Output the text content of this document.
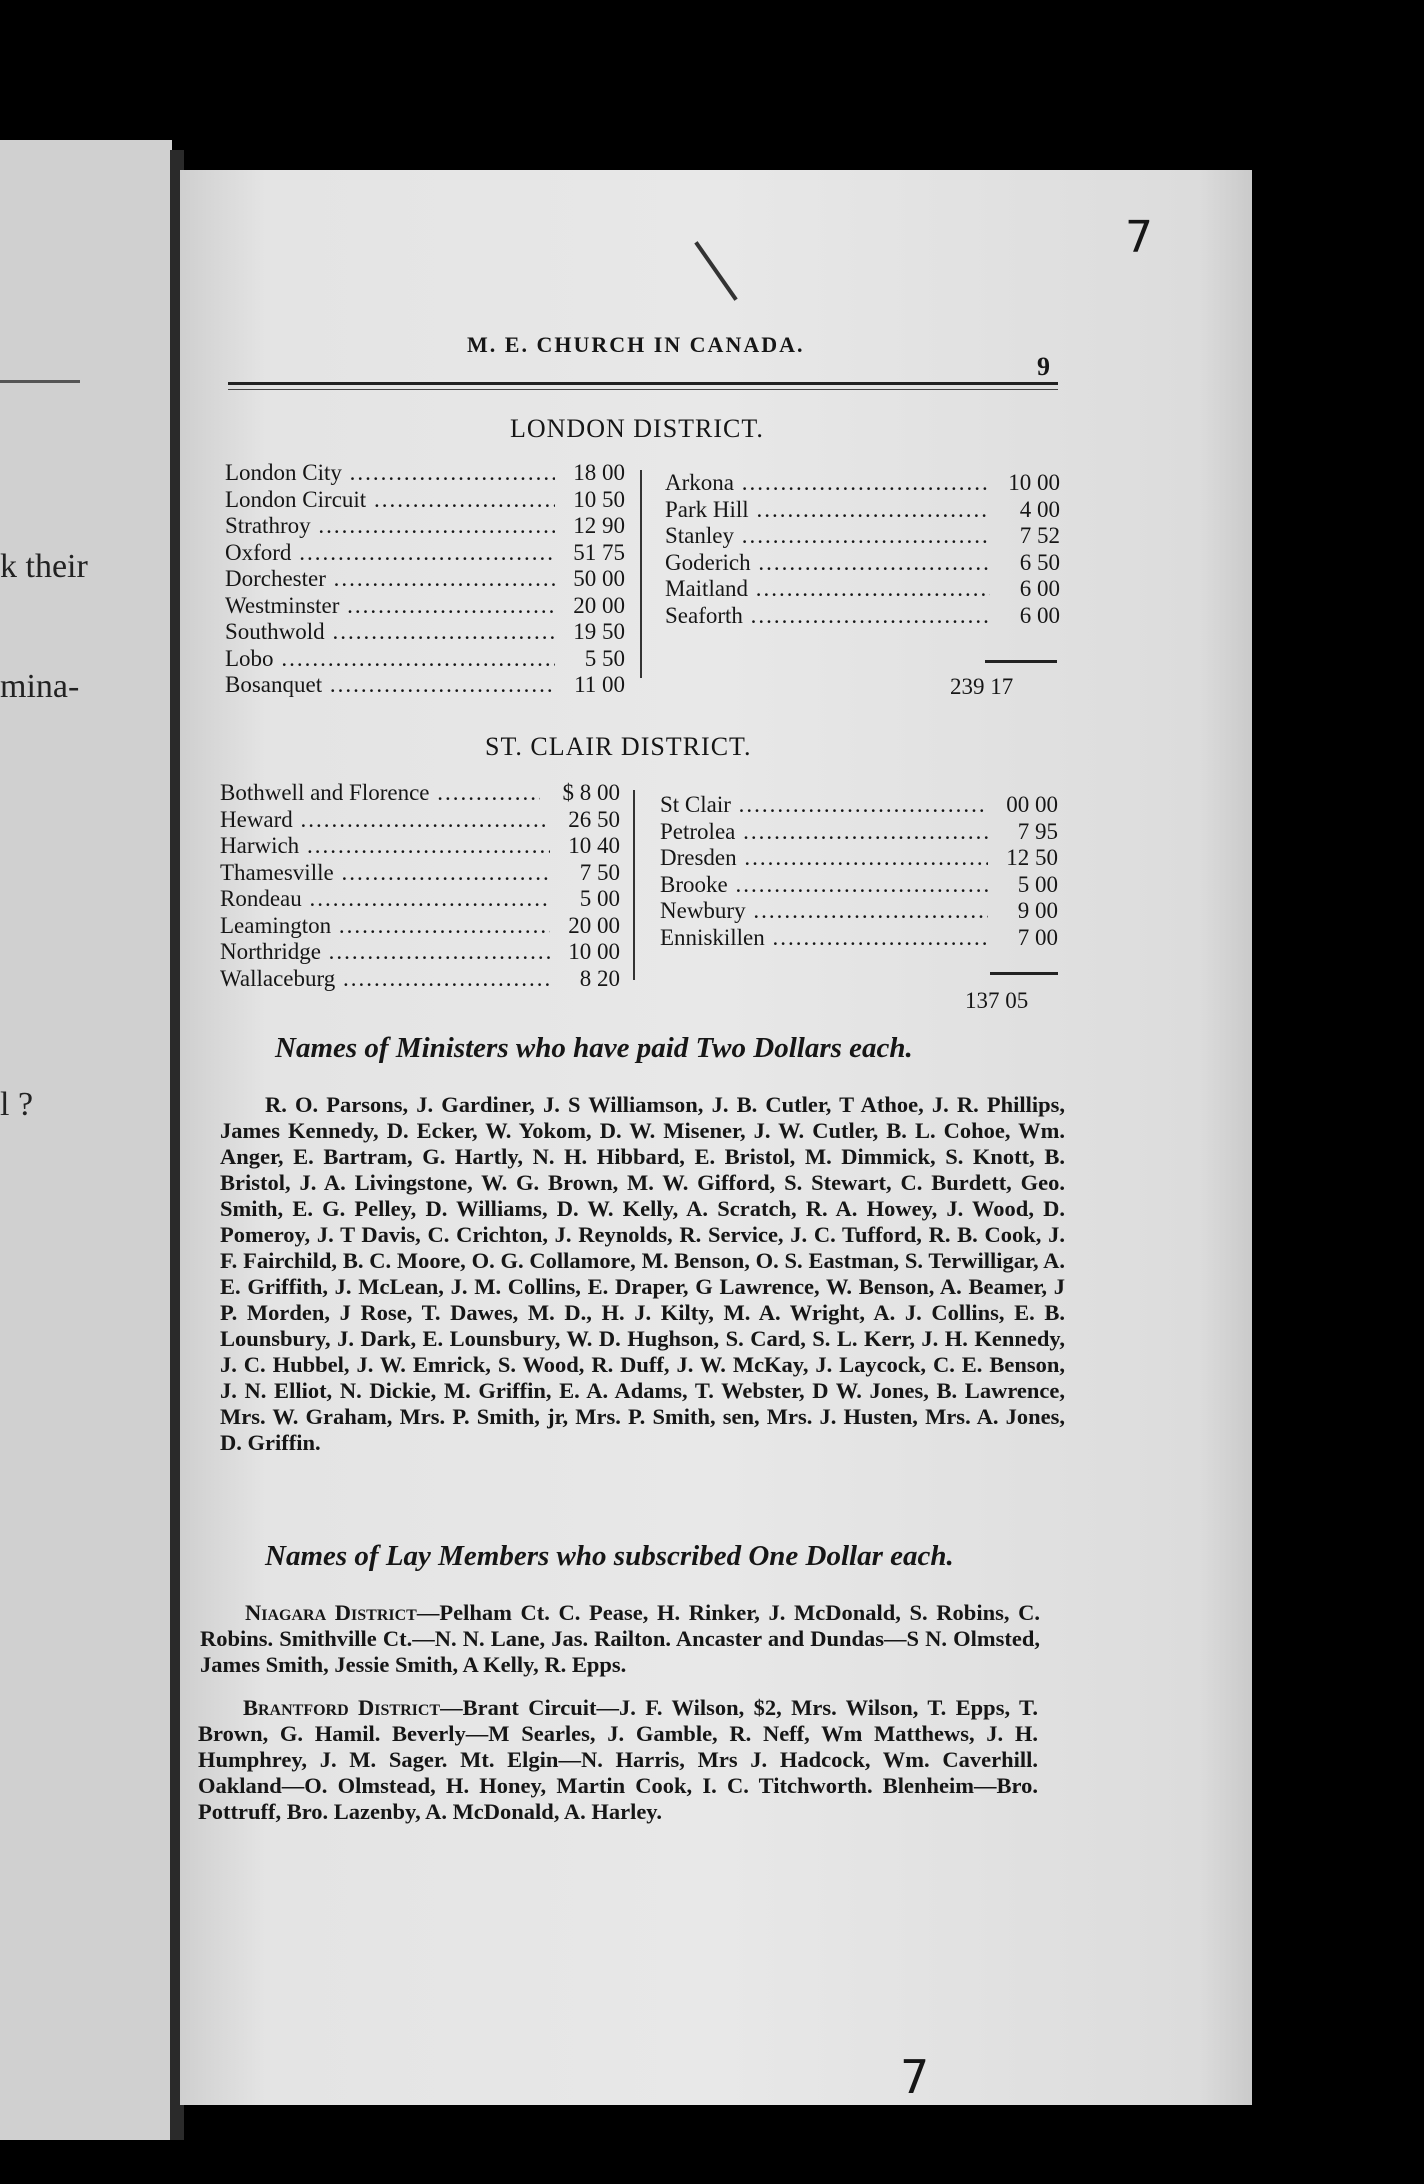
k their
mina-
l ?
7
M. E. CHURCH IN CANADA.
9
LONDON DISTRICT.
London City .....	18 00
London Circuit .....	10 50
Strathroy .....	12 90
Oxford .....	51 75
Dorchester .....	50 00
Westminster .....	20 00
Southwold .....	19 50
Lobo .....	5 50
Bosanquet .....	11 00
Arkona .....	10 00
Park Hill .....	4 00
Stanley .....	7 52
Goderich .....	6 50
Maitland .....	6 00
Seaforth .....	6 00
239 17
ST. CLAIR DISTRICT.
Bothwell and Florence .....	$ 8 00
Heward .....	26 50
Harwich .....	10 40
Thamesville .....	7 50
Rondeau .....	5 00
Leamington .....	20 00
Northridge .....	10 00
Wallaceburg .....	8 20
St Clair .....	00 00
Petrolea .....	7 95
Dresden .....	12 50
Brooke .....	5 00
Newbury .....	9 00
Enniskillen .....	7 00
137 05
Names of Ministers who have paid Two Dollars each.
R. O. Parsons, J. Gardiner, J. S Williamson, J. B. Cutler, T Athoe, J. R. Phillips, James Kennedy, D. Ecker, W. Yokom, D. W. Misener, J. W. Cutler, B. L. Cohoe, Wm. Anger, E. Bartram, G. Hartly, N. H. Hibbard, E. Bristol, M. Dimmick, S. Knott, B. Bristol, J. A. Livingstone, W. G. Brown, M. W. Gifford, S. Stewart, C. Burdett, Geo. Smith, E. G. Pelley, D. Williams, D. W. Kelly, A. Scratch, R. A. Howey, J. Wood, D. Pomeroy, J. T Davis, C. Crichton, J. Reynolds, R. Service, J. C. Tufford, R. B. Cook, J. F. Fairchild, B. C. Moore, O. G. Collamore, M. Benson, O. S. Eastman, S. Terwilligar, A. E. Griffith, J. McLean, J. M. Collins, E. Draper, G Lawrence, W. Benson, A. Beamer, J P. Morden, J Rose, T. Dawes, M. D., H. J. Kilty, M. A. Wright, A. J. Collins, E. B. Lounsbury, J. Dark, E. Lounsbury, W. D. Hughson, S. Card, S. L. Kerr, J. H. Kennedy, J. C. Hubbel, J. W. Emrick, S. Wood, R. Duff, J. W. McKay, J. Laycock, C. E. Benson, J. N. Elliot, N. Dickie, M. Griffin, E. A. Adams, T. Webster, D W. Jones, B. Lawrence, Mrs. W. Graham, Mrs. P. Smith, jr, Mrs. P. Smith, sen, Mrs. J. Husten, Mrs. A. Jones, D. Griffin.
Names of Lay Members who subscribed One Dollar each.
Niagara District—Pelham Ct. C. Pease, H. Rinker, J. McDonald, S. Robins, C. Robins. Smithville Ct.—N. N. Lane, Jas. Railton. Ancaster and Dundas—S N. Olmsted, James Smith, Jessie Smith, A Kelly, R. Epps.
Brantford District—Brant Circuit—J. F. Wilson, $2, Mrs. Wilson, T. Epps, T. Brown, G. Hamil. Beverly—M Searles, J. Gamble, R. Neff, Wm Matthews, J. H. Humphrey, J. M. Sager. Mt. Elgin—N. Harris, Mrs J. Hadcock, Wm. Caverhill. Oakland—O. Olmstead, H. Honey, Martin Cook, I. C. Titchworth. Blenheim—Bro. Pottruff, Bro. Lazenby, A. McDonald, A. Harley.
7
